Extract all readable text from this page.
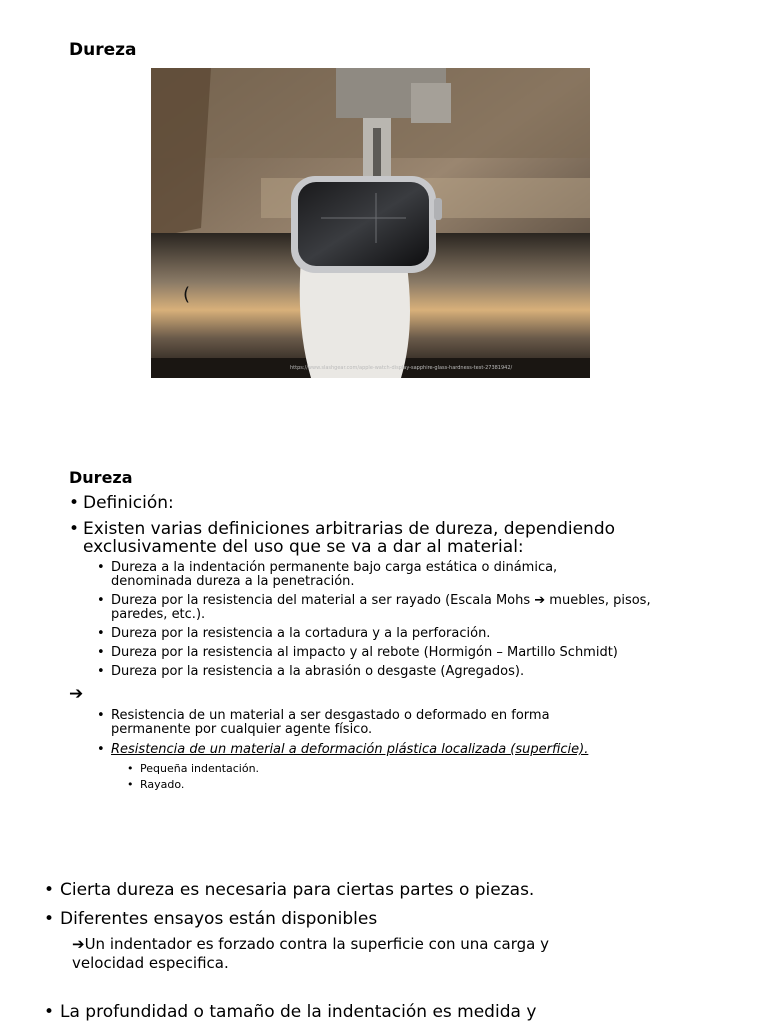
Dureza
https://www.slashgear.com/apple-watch-display-sapphire-glass-hardness-test-27381942/
(
Dureza
• Definición:
• Existen varias definiciones arbitrarias de dureza, dependiendo exclusivamente del uso que se va a dar al material:
• Dureza a la indentación permanente bajo carga estática o dinámica, denominada dureza a la penetración.
• Dureza por la resistencia del material a ser rayado (Escala Mohs ➔ muebles, pisos, paredes, etc.).
• Dureza por la resistencia a la cortadura y a la perforación.
• Dureza por la resistencia al impacto y al rebote (Hormigón – Martillo Schmidt)
• Dureza por la resistencia a la abrasión o desgaste (Agregados).
➔
• Resistencia de un material a ser desgastado o deformado en forma permanente por cualquier agente físico.
• Resistencia de un material a deformación plástica localizada (superficie).
• Pequeña indentación.
• Rayado.
• Cierta dureza es necesaria para ciertas partes o piezas.
• Diferentes ensayos están disponibles
➔Un indentador es forzado contra la superficie con una carga y velocidad especifica.
• La profundidad o tamaño de la indentación es medida y
